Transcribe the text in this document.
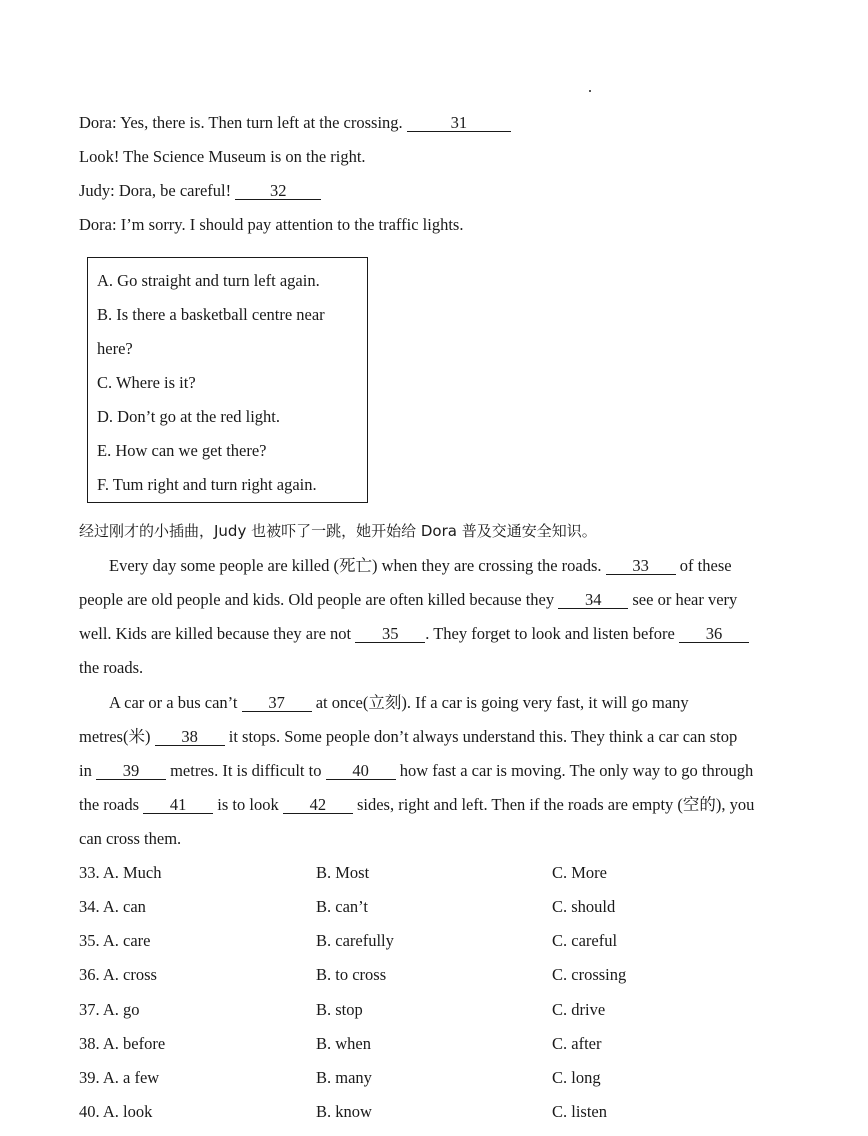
Dora: Yes, there is. Then turn left at the crossing.	31
Look! The Science Museum is on the right.
Judy: Dora, be careful! 32
Dora: I’m sorry. I should pay attention to the traffic lights.
A. Go straight and turn left again.
B. Is there a basketball centre near
here?
C. Where is it?
D. Don’t go at the red light.
E. How can we get there?
F. Tum right and turn right again.
经过刚才的小插曲，Judy 也被吓了一跳，她开始给 Dora 普及交通安全知识。
Every day some people are killed (死亡) when they are crossing the roads. 33 of these
people are old people and kids. Old people are often killed because they 34 see or hear very
well. Kids are killed because they are not 35 . They forget to look and listen before 36
the roads.
A car or a bus can’t 37 at once(立刻). If a car is going very fast, it will go many
metres(米) 38 it stops. Some people don’t always understand this. They think a car can stop
in 39 metres. It is difficult to 40 how fast a car is moving. The only way to go through
the roads 41 is to look 42 sides, right and left. Then if the roads are empty (空的), you
can cross them.
33. A. Much	B. Most	C. More
34. A. can	B. can’t	C. should
35. A. care	B. carefully	C. careful
36. A. cross	B. to cross	C. crossing
37. A. go	B. stop	C. drive
38. A. before	B. when	C. after
39. A. a few	B. many	C. long
40. A. look	B. know	C. listen
